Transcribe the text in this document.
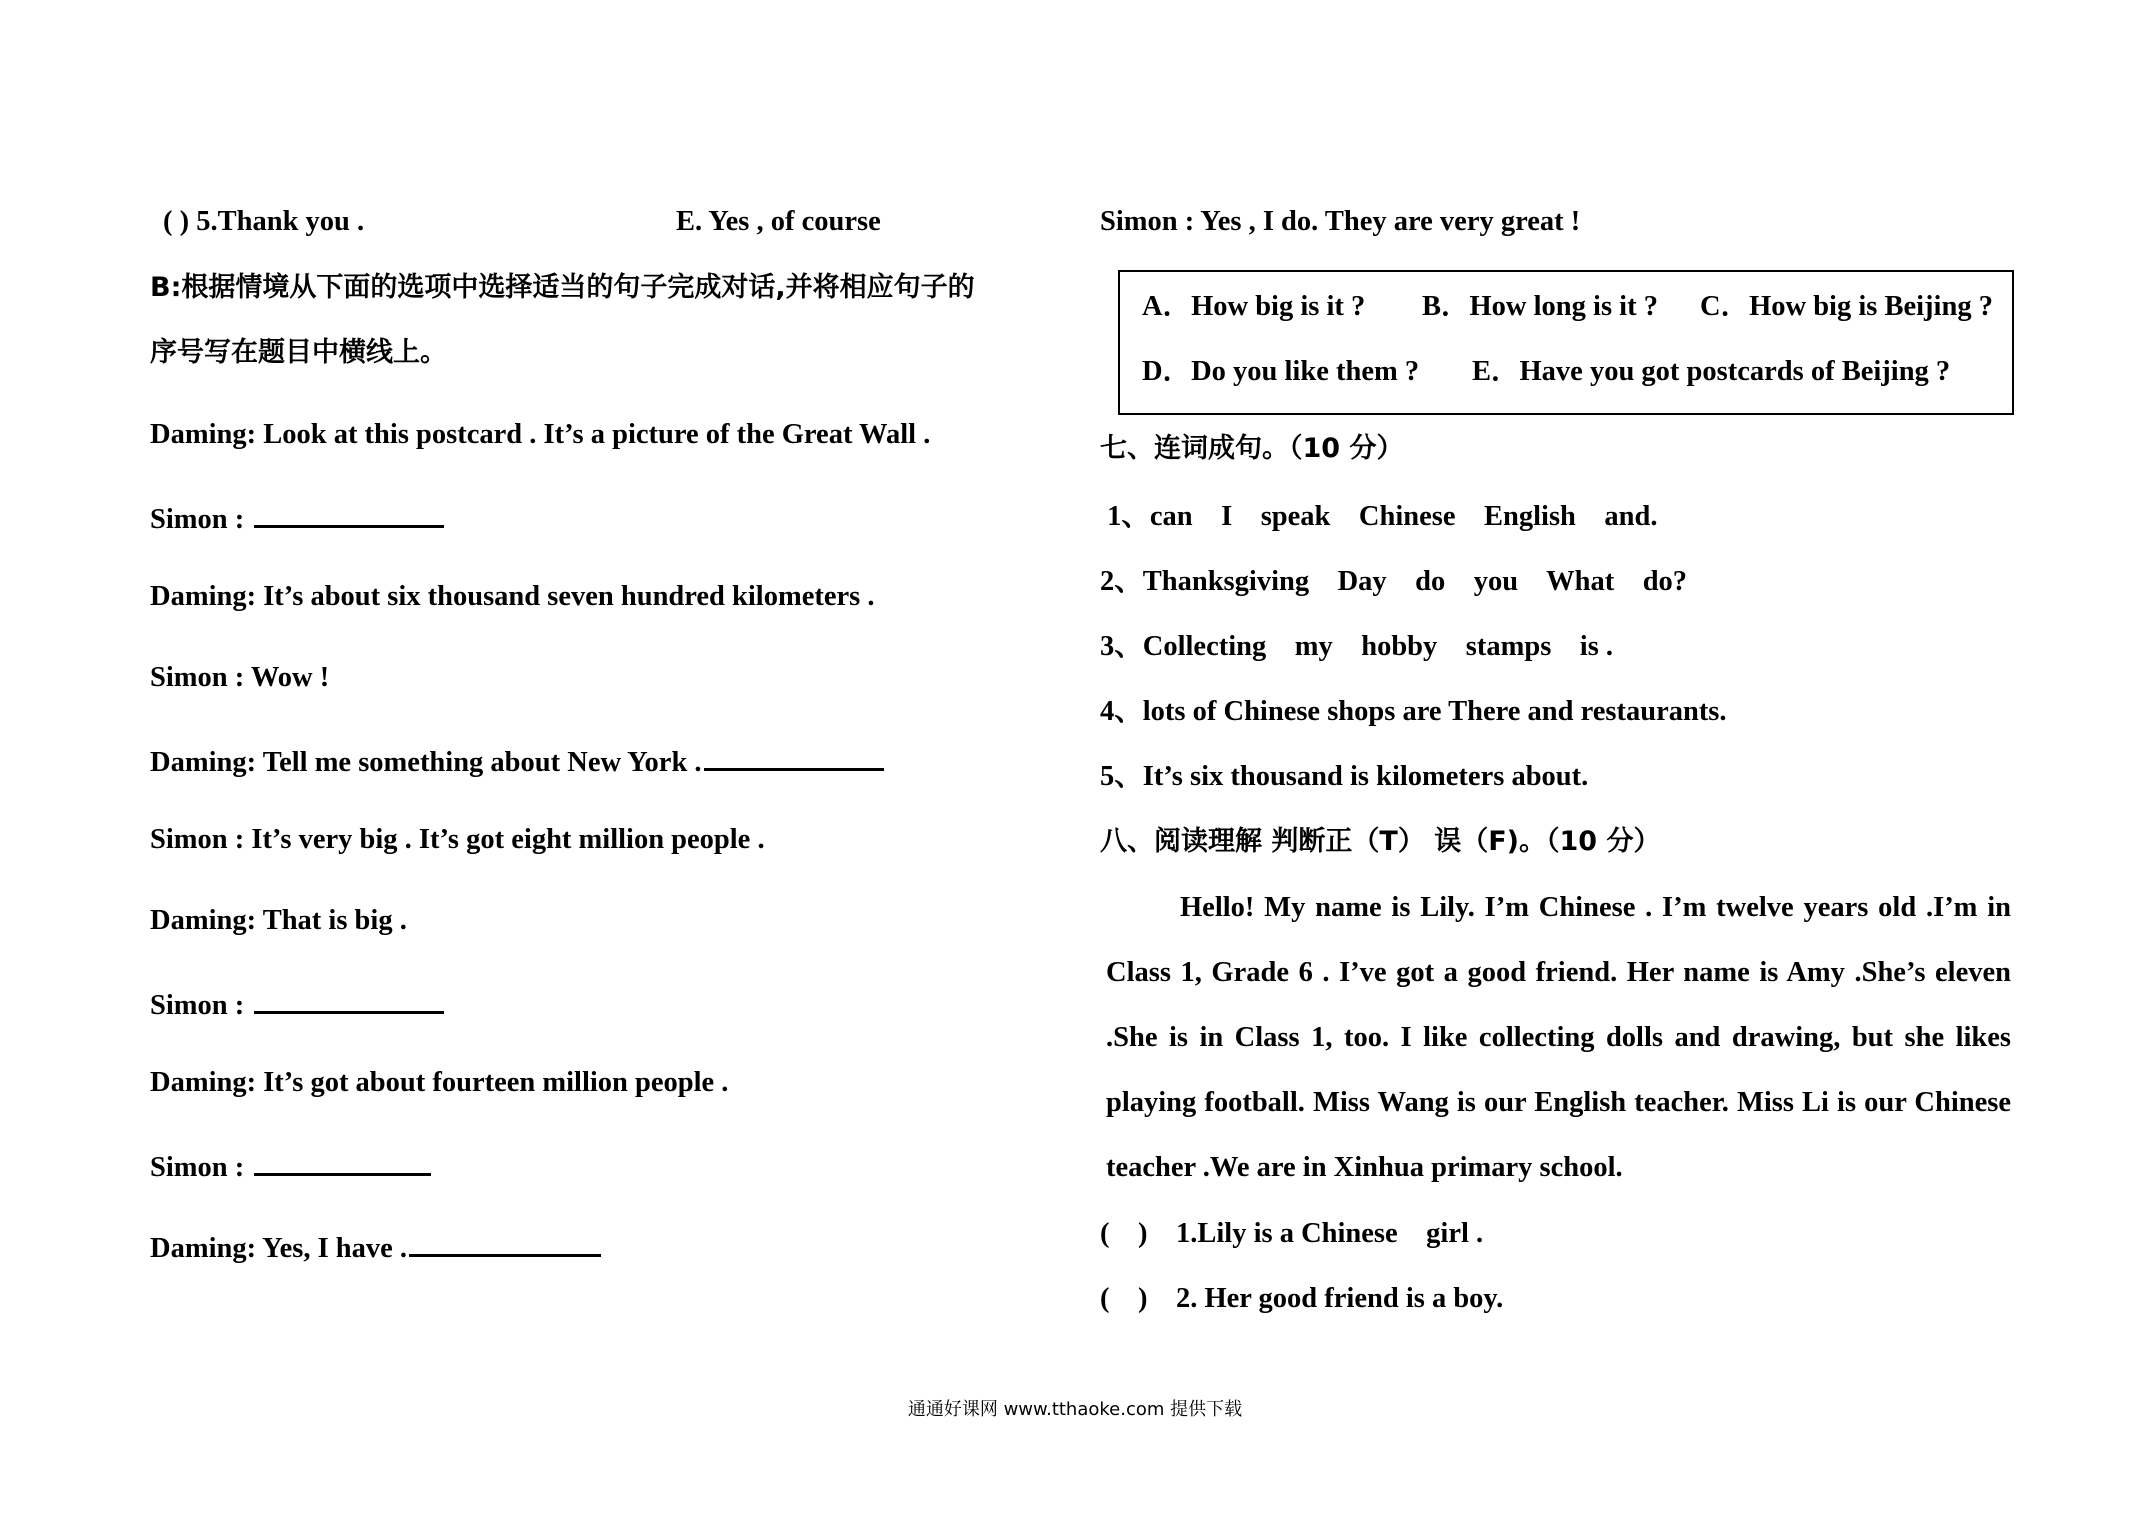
( ) 5.Thank you .	E. Yes , of course
B:根据情境从下面的选项中选择适当的句子完成对话,并将相应句子的
序号写在题目中横线上。
Daming: Look at this postcard . It’s a picture of the Great Wall .
Simon :
Daming: It’s about six thousand seven hundred kilometers .
Simon : Wow !
Daming: Tell me something about New York .
Simon : It’s very big . It’s got eight million people .
Daming: That is big .
Simon :
Daming: It’s got about fourteen million people .
Simon :
Daming: Yes, I have .
Simon : Yes , I do. They are very great !
A．How big is it ? B．How long is it ? C．How big is Beijing ?
D．Do you like them ? E．Have you got postcards of Beijing ?
七、连词成句。（10 分）
1、can    I    speak    Chinese    English    and.
2、Thanksgiving    Day    do    you    What    do?
3、Collecting    my    hobby    stamps    is .
4、lots of Chinese shops are There and restaurants.
5、It’s six thousand is kilometers about.
八、阅读理解 判断正（T） 误（F)。（10 分）
Hello! My name is Lily. I’m Chinese . I’m twelve years old .I’m in Class 1, Grade 6 . I’ve got a good friend. Her name is Amy .She’s eleven .She is in Class 1, too. I like collecting dolls and drawing, but she likes playing football. Miss Wang is our English teacher. Miss Li is our Chinese teacher .We are in Xinhua primary school.
(    )    1.Lily is a Chinese    girl .
(    )    2. Her good friend is a boy.
通通好课网 www.tthaoke.com 提供下载
